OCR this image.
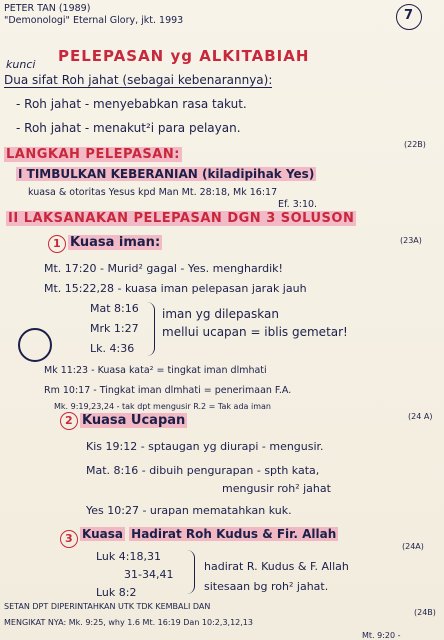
PETER TAN (1989)
"Demonologi" Eternal Glory, jkt. 1993	7
kunci PELEPASAN yg ALKITABIAH
Dua sifat Roh jahat (sebagai kebenarannya):
- Roh jahat - menyebabkan rasa takut.
- Roh jahat - menakut²i para pelayan.
(22B)
LANGKAH PELEPASAN:
I TIMBULKAN KEBERANIAN (kiladipihak Yes)
kuasa & otoritas Yesus kpd Man Mt. 28:18, Mk 16:17
Ef. 3:10.
II LAKSANAKAN PELEPASAN DGN 3 SOLUSON
(23A)
1 Kuasa iman:
Mt. 17:20 - Murid² gagal - Yes. menghardik!
Mt. 15:22,28 - kuasa iman pelepasan jarak jauh
Mat 8:16
Mrk 1:27
Lk. 4:36
iman yg dilepaskan
mellui ucapan = iblis gemetar!
Mk 11:23 - Kuasa kata² = tingkat iman dlmhati
Rm 10:17 - Tingkat iman dlmhati = penerimaan F.A.
Mk. 9:19,23,24 - tak dpt mengusir R.2 = Tak ada iman
(24 A)
2 Kuasa Ucapan
Kis 19:12 - sptaugan yg diurapi - mengusir.
Mat. 8:16 - dibuih pengurapan - spth kata,
mengusir roh² jahat
Yes 10:27 - urapan mematahkan kuk.
3 Kuasa Hadirat Roh Kudus & Fir. Allah
(24A)
Luk 4:18,31
31-34,41
Luk 8:2
hadirat R. Kudus & F. Allah
sitesaan bg roh² jahat.
SETAN DPT DIPERINTAHKAN UTK TDK KEMBALI DAN
(24B)
MENGIKAT NYA: Mk. 9:25, why 1.6 Mt. 16:19 Dan 10:2,3,12,13
Mt. 9:20 -
